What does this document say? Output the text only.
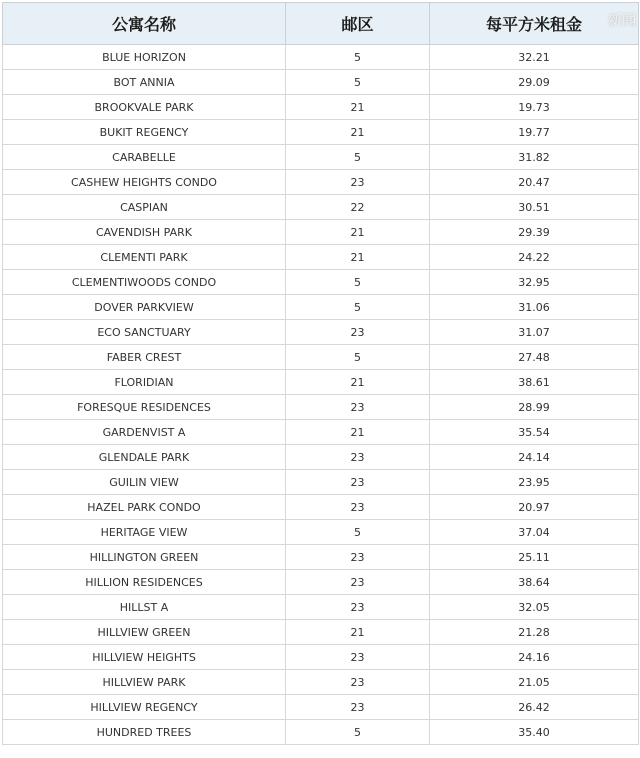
公寓名称	邮区	每平方米租金
BLUE HORIZON	5	32.21
BOT ANNIA	5	29.09
BROOKVALE PARK	21	19.73
BUKIT REGENCY	21	19.77
CARABELLE	5	31.82
CASHEW HEIGHTS CONDO	23	20.47
CASPIAN	22	30.51
CAVENDISH PARK	21	29.39
CLEMENTI PARK	21	24.22
CLEMENTIWOODS CONDO	5	32.95
DOVER PARKVIEW	5	31.06
ECO SANCTUARY	23	31.07
FABER CREST	5	27.48
FLORIDIAN	21	38.61
FORESQUE RESIDENCES	23	28.99
GARDENVIST A	21	35.54
GLENDALE PARK	23	24.14
GUILIN VIEW	23	23.95
HAZEL PARK CONDO	23	20.97
HERITAGE VIEW	5	37.04
HILLINGTON GREEN	23	25.11
HILLION RESIDENCES	23	38.64
HILLST A	23	32.05
HILLVIEW GREEN	21	21.28
HILLVIEW HEIGHTS	23	24.16
HILLVIEW PARK	23	21.05
HILLVIEW REGENCY	23	26.42
HUNDRED TREES	5	35.40
新闻
